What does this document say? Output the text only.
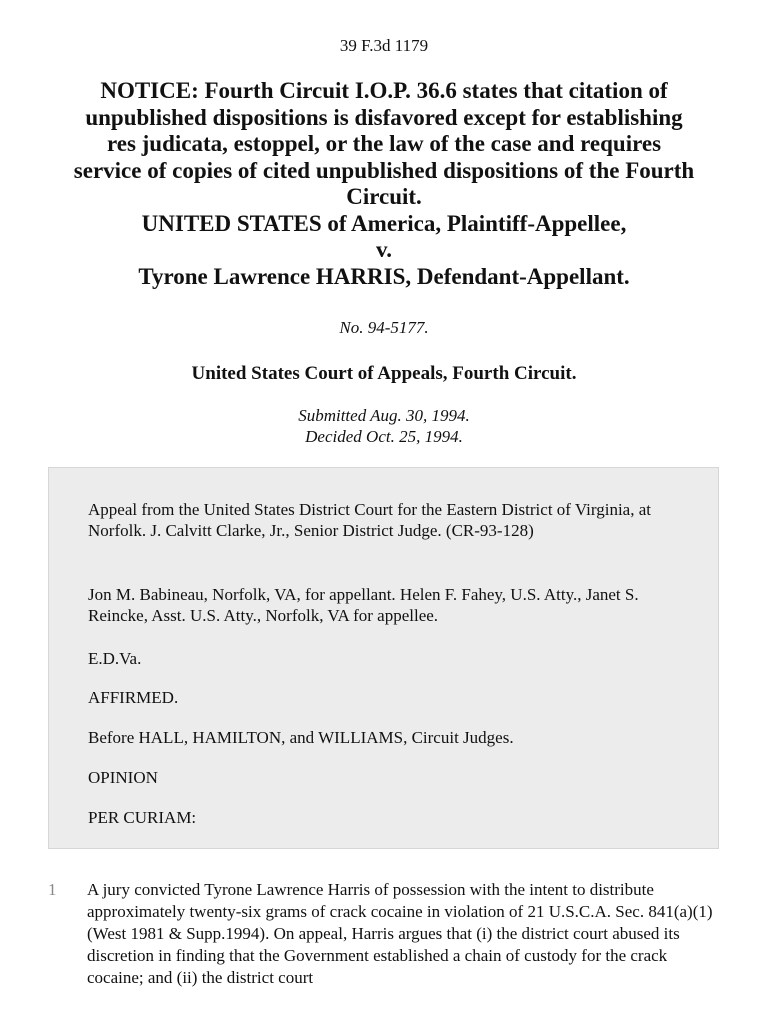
39 F.3d 1179
NOTICE: Fourth Circuit I.O.P. 36.6 states that citation of
unpublished dispositions is disfavored except for establishing
res judicata, estoppel, or the law of the case and requires
service of copies of cited unpublished dispositions of the Fourth
Circuit.
UNITED STATES of America, Plaintiff-Appellee,
v.
Tyrone Lawrence HARRIS, Defendant-Appellant.
No. 94-5177.
United States Court of Appeals, Fourth Circuit.
Submitted Aug. 30, 1994.
Decided Oct. 25, 1994.

Appeal from the United States District Court for the Eastern District of Virginia, at Norfolk. J. Calvitt Clarke, Jr., Senior District Judge. (CR-93-128)

Jon M. Babineau, Norfolk, VA, for appellant. Helen F. Fahey, U.S. Atty., Janet S. Reincke, Asst. U.S. Atty., Norfolk, VA for appellee.

E.D.Va.

AFFIRMED.

Before HALL, HAMILTON, and WILLIAMS, Circuit Judges.

OPINION

PER CURIAM:

1 A jury convicted Tyrone Lawrence Harris of possession with the intent to distribute approximately twenty-six grams of crack cocaine in violation of 21 U.S.C.A. Sec. 841(a)(1) (West 1981 & Supp.1994). On appeal, Harris argues that (i) the district court abused its discretion in finding that the Government established a chain of custody for the crack cocaine; and (ii) the district court
